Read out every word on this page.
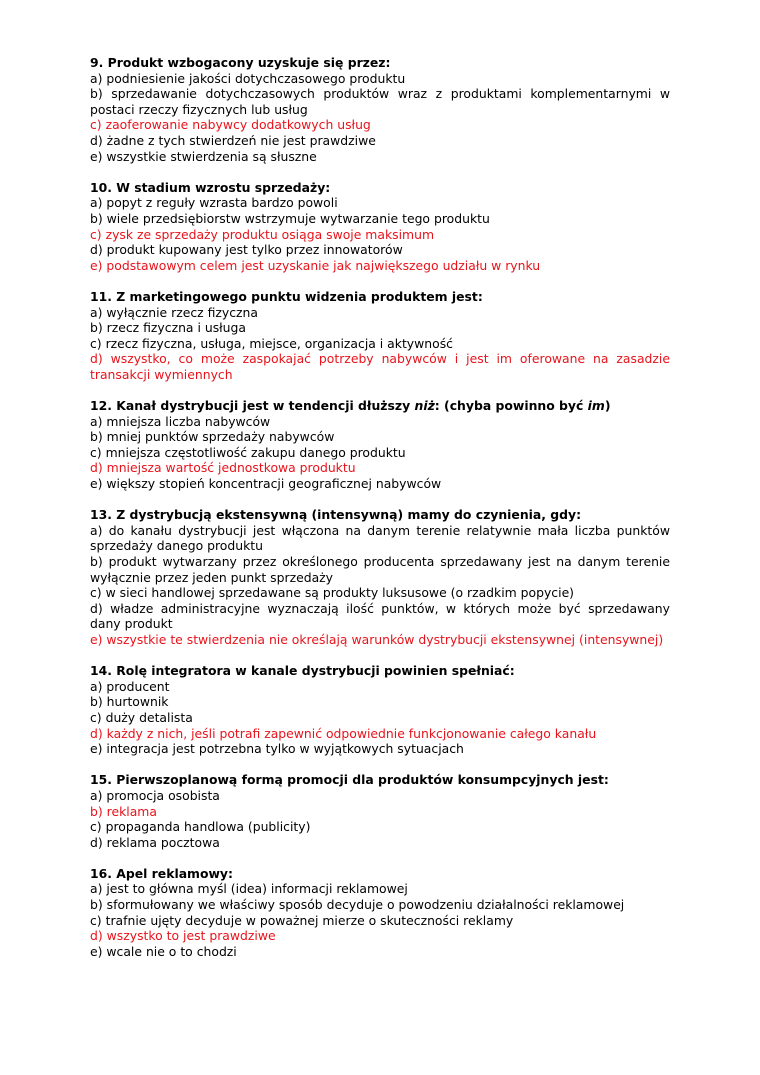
9. Produkt wzbogacony uzyskuje się przez:
a) podniesienie jakości dotychczasowego produktu
b) sprzedawanie dotychczasowych produktów wraz z produktami komplementarnymi w postaci rzeczy fizycznych lub usług
c) zaoferowanie nabywcy dodatkowych usług
d) żadne z tych stwierdzeń nie jest prawdziwe
e) wszystkie stwierdzenia są słuszne
10. W stadium wzrostu sprzedaży:
a) popyt z reguły wzrasta bardzo powoli
b) wiele przedsiębiorstw wstrzymuje wytwarzanie tego produktu
c) zysk ze sprzedaży produktu osiąga swoje maksimum
d) produkt kupowany jest tylko przez innowatorów
e) podstawowym celem jest uzyskanie jak największego udziału w rynku
11. Z marketingowego punktu widzenia produktem jest:
a) wyłącznie rzecz fizyczna
b) rzecz fizyczna i usługa
c) rzecz fizyczna, usługa, miejsce, organizacja i aktywność
d) wszystko, co może zaspokajać potrzeby nabywców i jest im oferowane na zasadzie transakcji wymiennych
12. Kanał dystrybucji jest w tendencji dłuższy niż: (chyba powinno być im)
a) mniejsza liczba nabywców
b) mniej punktów sprzedaży nabywców
c) mniejsza częstotliwość zakupu danego produktu
d) mniejsza wartość jednostkowa produktu
e) większy stopień koncentracji geograficznej nabywców
13. Z dystrybucją ekstensywną (intensywną) mamy do czynienia, gdy:
a) do kanału dystrybucji jest włączona na danym terenie relatywnie mała liczba punktów sprzedaży danego produktu
b) produkt wytwarzany przez określonego producenta sprzedawany jest na danym terenie wyłącznie przez jeden punkt sprzedaży
c) w sieci handlowej sprzedawane są produkty luksusowe (o rzadkim popycie)
d) władze administracyjne wyznaczają ilość punktów, w których może być sprzedawany dany produkt
e) wszystkie te stwierdzenia nie określają warunków dystrybucji ekstensywnej (intensywnej)
14. Rolę integratora w kanale dystrybucji powinien spełniać:
a) producent
b) hurtownik
c) duży detalista
d) każdy z nich, jeśli potrafi zapewnić odpowiednie funkcjonowanie całego kanału
e) integracja jest potrzebna tylko w wyjątkowych sytuacjach
15. Pierwszoplanową formą promocji dla produktów konsumpcyjnych jest:
a) promocja osobista
b) reklama
c) propaganda handlowa (publicity)
d) reklama pocztowa
16. Apel reklamowy:
a) jest to główna myśl (idea) informacji reklamowej
b) sformułowany we właściwy sposób decyduje o powodzeniu działalności reklamowej
c) trafnie ujęty decyduje w poważnej mierze o skuteczności reklamy
d) wszystko to jest prawdziwe
e) wcale nie o to chodzi
